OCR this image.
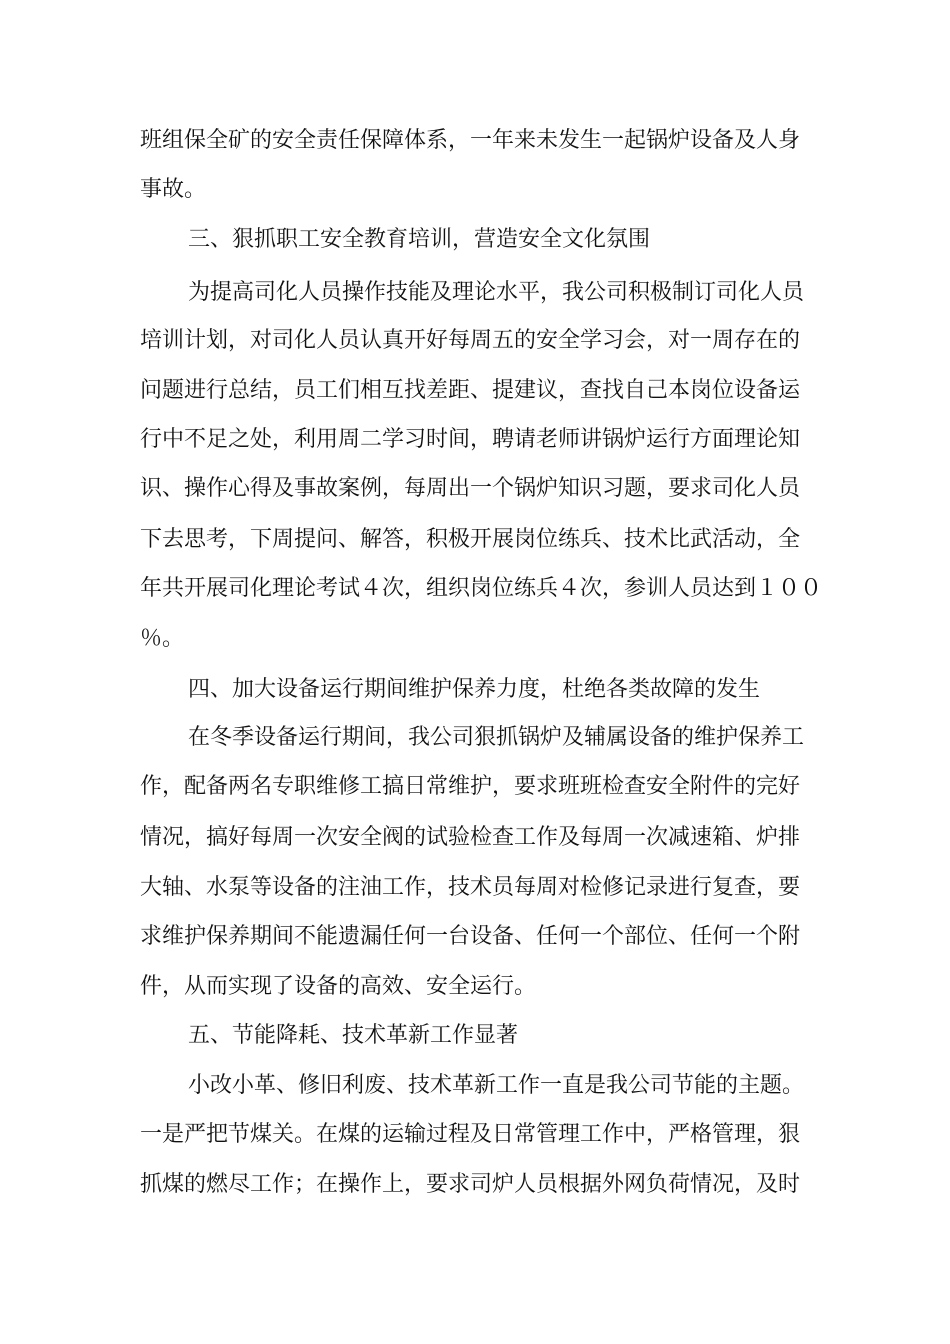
班组保全矿的安全责任保障体系，一年来未发生一起锅炉设备及人身
事故。
三、狠抓职工安全教育培训，营造安全文化氛围
为提高司化人员操作技能及理论水平，我公司积极制订司化人员
培训计划，对司化人员认真开好每周五的安全学习会，对一周存在的
问题进行总结，员工们相互找差距、提建议，查找自己本岗位设备运
行中不足之处，利用周二学习时间，聘请老师讲锅炉运行方面理论知
识、操作心得及事故案例，每周出一个锅炉知识习题，要求司化人员
下去思考，下周提问、解答，积极开展岗位练兵、技术比武活动，全
年共开展司化理论考试４次，组织岗位练兵４次，参训人员达到１００
％。
四、加大设备运行期间维护保养力度，杜绝各类故障的发生
在冬季设备运行期间，我公司狠抓锅炉及辅属设备的维护保养工
作，配备两名专职维修工搞日常维护，要求班班检查安全附件的完好
情况，搞好每周一次安全阀的试验检查工作及每周一次减速箱、炉排
大轴、水泵等设备的注油工作，技术员每周对检修记录进行复查，要
求维护保养期间不能遗漏任何一台设备、任何一个部位、任何一个附
件，从而实现了设备的高效、安全运行。
五、节能降耗、技术革新工作显著
小改小革、修旧利废、技术革新工作一直是我公司节能的主题。
一是严把节煤关。在煤的运输过程及日常管理工作中，严格管理，狠
抓煤的燃尽工作；在操作上，要求司炉人员根据外网负荷情况，及时
